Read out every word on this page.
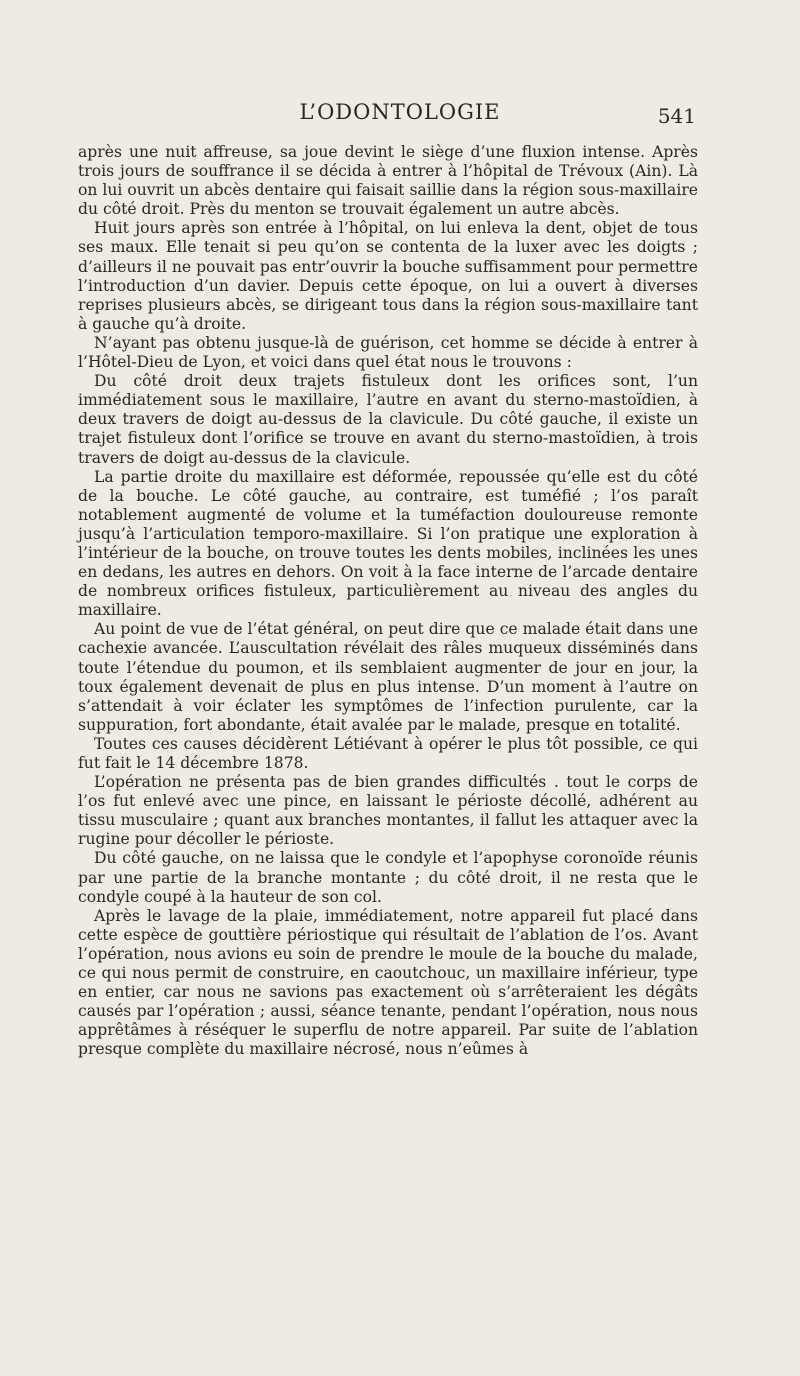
L’ODONTOLOGIE	541

après une nuit affreuse, sa joue devint le siège d’une fluxion intense. Après trois jours de souffrance il se décida à entrer à l’hôpital de Trévoux (Ain). Là on lui ouvrit un abcès dentaire qui faisait saillie dans la région sous-maxillaire du côté droit. Près du menton se trouvait également un autre abcès.

Huit jours après son entrée à l’hôpital, on lui enleva la dent, objet de tous ses maux. Elle tenait si peu qu’on se contenta de la luxer avec les doigts ; d’ailleurs il ne pouvait pas entr’ouvrir la bouche suffisamment pour permettre l’introduction d’un davier. Depuis cette époque, on lui a ouvert à diverses reprises plusieurs abcès, se dirigeant tous dans la région sous-maxillaire tant à gauche qu’à droite.

N’ayant pas obtenu jusque-là de guérison, cet homme se décide à entrer à l’Hôtel-Dieu de Lyon, et voici dans quel état nous le trouvons :

Du côté droit deux trajets fistuleux dont les orifices sont, l’un immédiatement sous le maxillaire, l’autre en avant du sterno-mastoïdien, à deux travers de doigt au-dessus de la clavicule. Du côté gauche, il existe un trajet fistuleux dont l’orifice se trouve en avant du sterno-mastoïdien, à trois travers de doigt au-dessus de la clavicule.

La partie droite du maxillaire est déformée, repoussée qu’elle est du côté de la bouche. Le côté gauche, au contraire, est tuméfié ; l’os paraît notablement augmenté de volume et la tuméfaction douloureuse remonte jusqu’à l’articulation temporo-maxillaire. Si l’on pratique une exploration à l’intérieur de la bouche, on trouve toutes les dents mobiles, inclinées les unes en dedans, les autres en dehors. On voit à la face interne de l’arcade dentaire de nombreux orifices fistuleux, particulièrement au niveau des angles du maxillaire.

Au point de vue de l’état général, on peut dire que ce malade était dans une cachexie avancée. L’auscultation révélait des râles muqueux disséminés dans toute l’étendue du poumon, et ils semblaient augmenter de jour en jour, la toux également devenait de plus en plus intense. D’un moment à l’autre on s’attendait à voir éclater les symptômes de l’infection purulente, car la suppuration, fort abondante, était avalée par le malade, presque en totalité.

Toutes ces causes décidèrent Létiévant à opérer le plus tôt possible, ce qui fut fait le 14 décembre 1878.

L’opération ne présenta pas de bien grandes difficultés . tout le corps de l’os fut enlevé avec une pince, en laissant le périoste décollé, adhérent au tissu musculaire ; quant aux branches montantes, il fallut les attaquer avec la rugine pour décoller le périoste.

Du côté gauche, on ne laissa que le condyle et l’apophyse coronoïde réunis par une partie de la branche montante ; du côté droit, il ne resta que le condyle coupé à la hauteur de son col.

Après le lavage de la plaie, immédiatement, notre appareil fut placé dans cette espèce de gouttière périostique qui résultait de l’ablation de l’os. Avant l’opération, nous avions eu soin de prendre le moule de la bouche du malade, ce qui nous permit de construire, en caoutchouc, un maxillaire inférieur, type en entier, car nous ne savions pas exactement où s’arrêteraient les dégâts causés par l’opération ; aussi, séance tenante, pendant l’opération, nous nous apprêtâmes à réséquer le superflu de notre appareil. Par suite de l’ablation presque complète du maxillaire nécrosé, nous n’eûmes à
